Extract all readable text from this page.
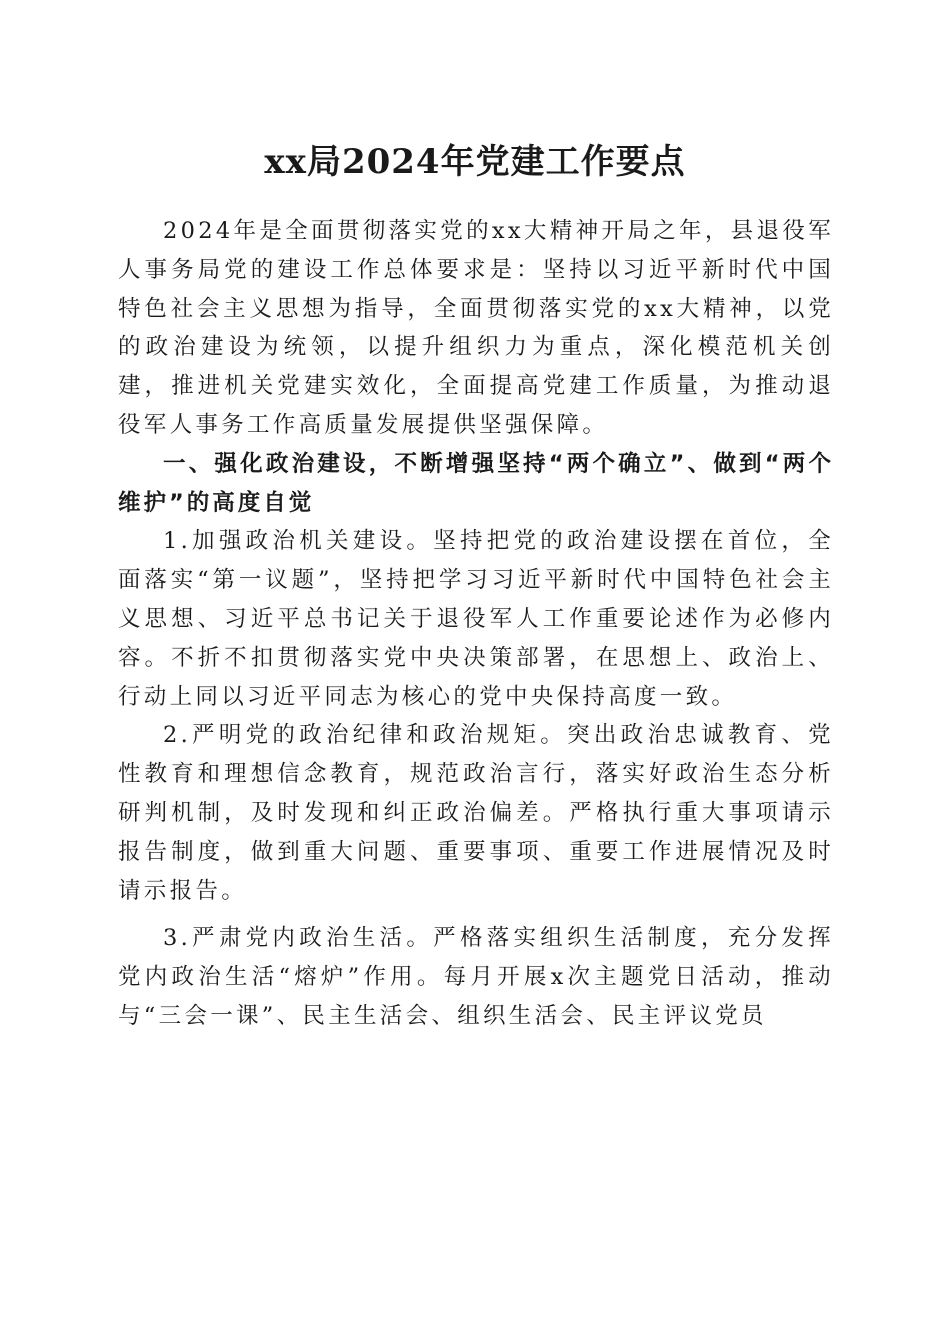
xx局2024年党建工作要点

2024年是全面贯彻落实党的xx大精神开局之年，县退役军人事务局党的建设工作总体要求是：坚持以习近平新时代中国特色社会主义思想为指导，全面贯彻落实党的xx大精神，以党的政治建设为统领，以提升组织力为重点，深化模范机关创建，推进机关党建实效化，全面提高党建工作质量，为推动退役军人事务工作高质量发展提供坚强保障。

一、强化政治建设，不断增强坚持“两个确立”、做到“两个维护”的高度自觉

1.加强政治机关建设。坚持把党的政治建设摆在首位，全面落实“第一议题”，坚持把学习习近平新时代中国特色社会主义思想、习近平总书记关于退役军人工作重要论述作为必修内容。不折不扣贯彻落实党中央决策部署，在思想上、政治上、行动上同以习近平同志为核心的党中央保持高度一致。

2.严明党的政治纪律和政治规矩。突出政治忠诚教育、党性教育和理想信念教育，规范政治言行，落实好政治生态分析研判机制，及时发现和纠正政治偏差。严格执行重大事项请示报告制度，做到重大问题、重要事项、重要工作进展情况及时请示报告。

3.严肃党内政治生活。严格落实组织生活制度，充分发挥党内政治生活“熔炉”作用。每月开展x次主题党日活动，推动与“三会一课”、民主生活会、组织生活会、民主评议党员
